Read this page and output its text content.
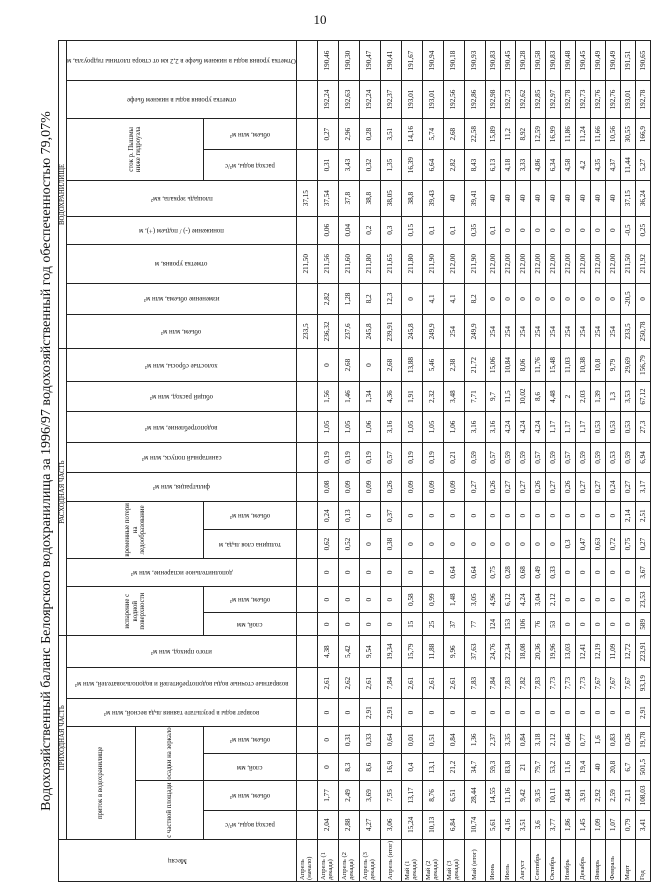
10
Водохозяйственный баланс Белоярского водохранилища за 1996/97 водохозяйственный год обеспеченностью 79,07%
Месяц	ПРИХОДНАЯ ЧАСТЬ							РАСХОДНАЯ ЧАСТЬ										ВОДОХРАНИЛИЩЕ								
	приток в водохранилище				возврат воды в результате таяния льда весной, млн м³	возвратные сточные воды водопотребителей и водопользователей, млн м³	итого приход, млн м³	испарение с водной поверхности		дополнительное испарение, млн м³	временные потери на ледообразование		фильтрация, млн м³	санитарный попуск, млн м³	водопотребление, млн м³	общий расход, млн м³	холостые сбросы, млн м³	объем, млн м³	изменение объема, млн м³	отметка уровня, м	понижение (-) / подъем (+), м	площадь зеркала, км²	сток р. Пышмы ниже гидроузла		отметка уровня воды в нижнем бьефе	Отметка уровня воды в нижнем бьефе в 2,2 км от створа плотины гидроузла, м

	с частной площади		осадки на зеркало																							

	расход воды, м³/с	объем, млн м³	слой, мм	объем, млн м³				слой, мм	объем, млн м³		толщина слоя льда, м	объем, млн м³											расход воды, м³/с	объем, млн м³		

Апрель (начало)																		233,5		211,50		37,15				
Апрель (1 декада)	2,04	1,77	0	0	0	2,61	4,38	0	0	0	0,62	0,24	0,08	0,19	1,05	1,56	0	236,32	2,82	211,56	0,06	37,54	0,31	0,27	192,24	190,46
Апрель (2 декада)	2,88	2,49	8,3	0,31	0	2,62	5,42	0	0	0	0,52	0,13	0,09	0,19	1,05	1,46	2,68	237,6	1,28	211,60	0,04	37,8	3,43	2,96	192,63	190,30
Апрель (3 декада)	4,27	3,69	8,6	0,33	2,91	2,61	9,54	0	0	0	0	0	0,09	0,19	1,06	1,34	0	245,8	8,2	211,80	0,2	38,8	0,32	0,28	192,24	190,47
Апрель (итог)	3,06	7,95	16,9	0,64	2,91	7,84	19,34	0	0	0	0,38	0,37	0,26	0,57	3,16	4,36	2,68	239,91	12,3	211,65	0,3	38,05	1,35	3,51	192,37	190,41
Май (1 декада)	15,24	13,17	0,4	0,01	0	2,61	15,79	15	0,58	0	0	0	0,09	0,19	1,05	1,91	13,88	245,8	0	211,80	0,15	38,8	16,39	14,16	193,01	191,67
Май (2 декада)	10,13	8,76	13,1	0,51	0	2,61	11,88	25	0,99	0	0	0	0,09	0,19	1,05	2,32	5,46	249,9	4,1	211,90	0,1	39,43	6,64	5,74	193,01	190,94
Май (3 декада)	6,84	6,51	21,2	0,84	0	2,61	9,96	37	1,48	0,64	0	0	0,09	0,21	1,06	3,48	2,38	254	4,1	212,00	0,1	40	2,82	2,68	192,56	190,18
Май (итог)	10,74	28,44	34,7	1,36	0	7,83	37,63	77	3,05	0,64	0	0	0,27	0,59	3,16	7,71	21,72	249,9	8,2	211,90	0,35	39,41	8,43	22,58	192,86	190,93
Июнь	5,61	14,55	59,3	2,37	0	7,84	24,76	124	4,96	0,75	0	0	0,26	0,57	3,16	9,7	15,06	254	0	212,00	0,1	40	6,13	15,89	192,98	190,83
Июль	4,16	11,16	83,8	3,35	0	7,83	22,34	153	6,12	0,28	0	0	0,27	0,59	4,24	11,5	10,84	254	0	212,00	0	40	4,18	11,2	192,73	190,45
Август	3,51	9,42	21	0,84	0	7,82	18,08	106	4,24	0,68	0	0	0,27	0,59	4,24	10,02	8,06	254	0	212,00	0	40	3,33	8,92	192,62	190,28
Сентябрь	3,6	9,35	79,7	3,18	0	7,83	20,36	76	3,04	0,49	0	0	0,26	0,57	4,24	8,6	11,76	254	0	212,00	0	40	4,86	12,59	192,85	190,58
Октябрь	3,77	10,11	53,2	2,12	0	7,73	19,96	53	2,12	0,33	0	0	0,27	0,59	1,17	4,48	15,48	254	0	212,00	0	40	6,34	16,99	192,97	190,83
Ноябрь	1,86	4,84	11,6	0,46	0	7,73	13,03	0	0	0	0,3	0	0,26	0,57	1,17	2	11,03	254	0	212,00	0	40	4,58	11,86	192,78	190,48
Декабрь	1,45	3,91	19,4	0,77	0	7,73	12,41	0	0	0	0,47	0	0,27	0,59	1,17	2,03	10,38	254	0	212,00	0	40	4,2	11,24	192,73	190,45
Январь	1,09	2,92	40	1,6	0	7,67	12,19	0	0	0	0,63	0	0,27	0,59	0,53	1,39	10,8	254	0	212,00	0	40	4,35	11,66	192,76	190,49
Февраль	1,07	2,59	20,8	0,83	0	7,67	11,09	0	0	0	0,72	0	0,24	0,53	0,53	1,3	9,79	254	0	212,00	0	40	4,37	10,56	192,76	190,49
Март	0,79	2,11	6,7	0,26	0	7,67	12,72	0	0	0	0,75	2,14	0,27	0,59	0,53	3,53	29,69	233,5	-20,5	211,50	-0,5	37,15	11,44	30,55	193,01	191,51
Год	3,41	108,03	501,5	19,78	2,91	93,19	223,91	589	23,53	3,67	0,27	2,51	3,17	6,94	27,3	67,12	156,79	250,78	0	211,92	0,25	36,24	5,27	166,9	192,78	190,65
